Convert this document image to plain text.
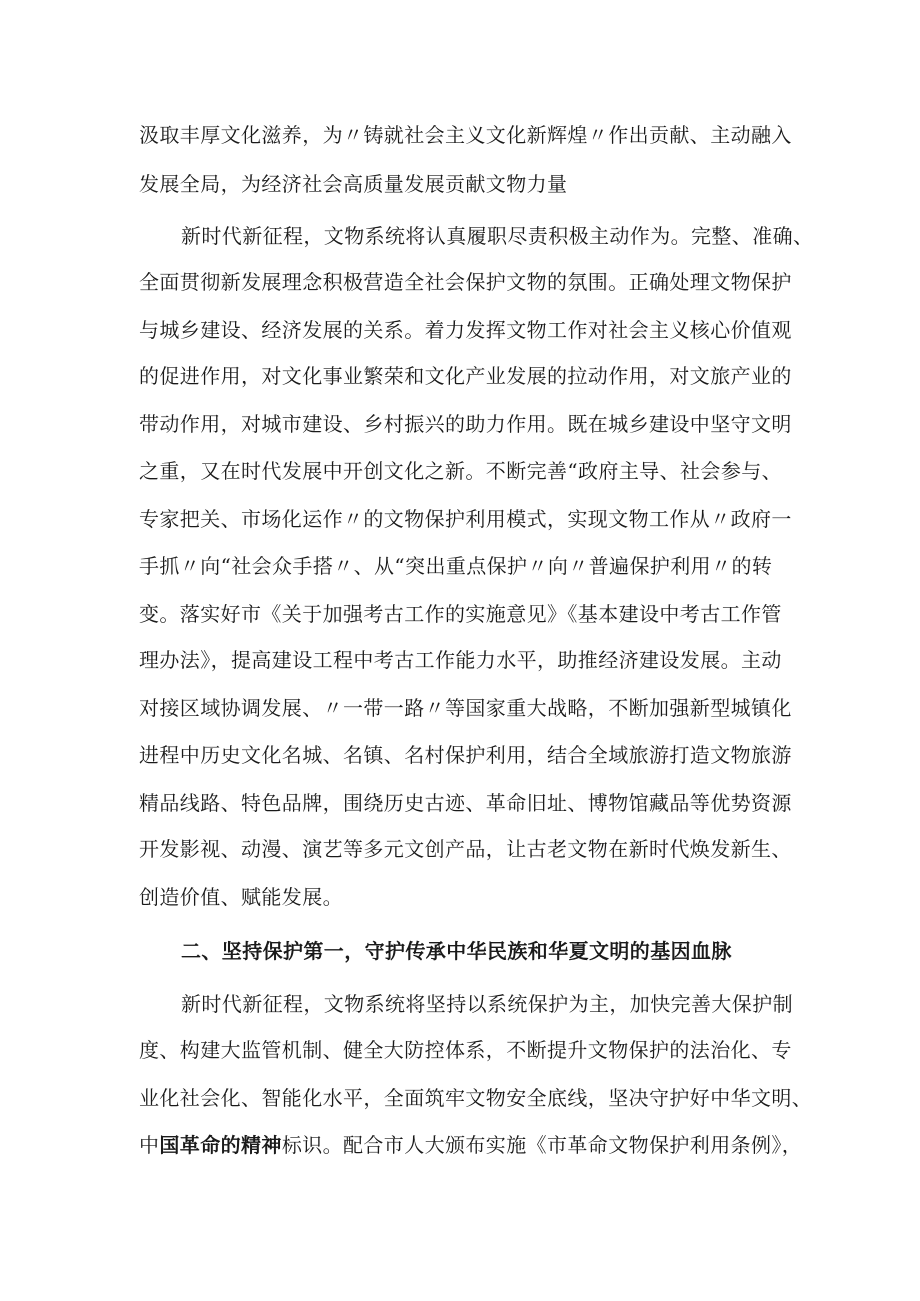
汲取丰厚文化滋养，为〃铸就社会主义文化新辉煌〃作出贡献、主动融入
发展全局，为经济社会高质量发展贡献文物力量
新时代新征程，文物系统将认真履职尽责积极主动作为。完整、准确、
全面贯彻新发展理念积极营造全社会保护文物的氛围。正确处理文物保护
与城乡建设、经济发展的关系。着力发挥文物工作对社会主义核心价值观
的促进作用，对文化事业繁荣和文化产业发展的拉动作用，对文旅产业的
带动作用，对城市建设、乡村振兴的助力作用。既在城乡建设中坚守文明
之重，又在时代发展中开创文化之新。不断完善“政府主导、社会参与、
专家把关、市场化运作〃的文物保护利用模式，实现文物工作从〃政府一
手抓〃向“社会众手搭〃、从“突出重点保护〃向〃普遍保护利用〃的转
变。落实好市《关于加强考古工作的实施意见》《基本建设中考古工作管
理办法》，提高建设工程中考古工作能力水平，助推经济建设发展。主动
对接区域协调发展、〃一带一路〃等国家重大战略，不断加强新型城镇化
进程中历史文化名城、名镇、名村保护利用，结合全域旅游打造文物旅游
精品线路、特色品牌，围绕历史古迹、革命旧址、博物馆藏品等优势资源
开发影视、动漫、演艺等多元文创产品，让古老文物在新时代焕发新生、
创造价值、赋能发展。
二、坚持保护第一，守护传承中华民族和华夏文明的基因血脉
新时代新征程，文物系统将坚持以系统保护为主，加快完善大保护制
度、构建大监管机制、健全大防控体系，不断提升文物保护的法治化、专
业化社会化、智能化水平，全面筑牢文物安全底线，坚决守护好中华文明、
中国革命的精神标识。配合市人大颁布实施《市革命文物保护利用条例》，
